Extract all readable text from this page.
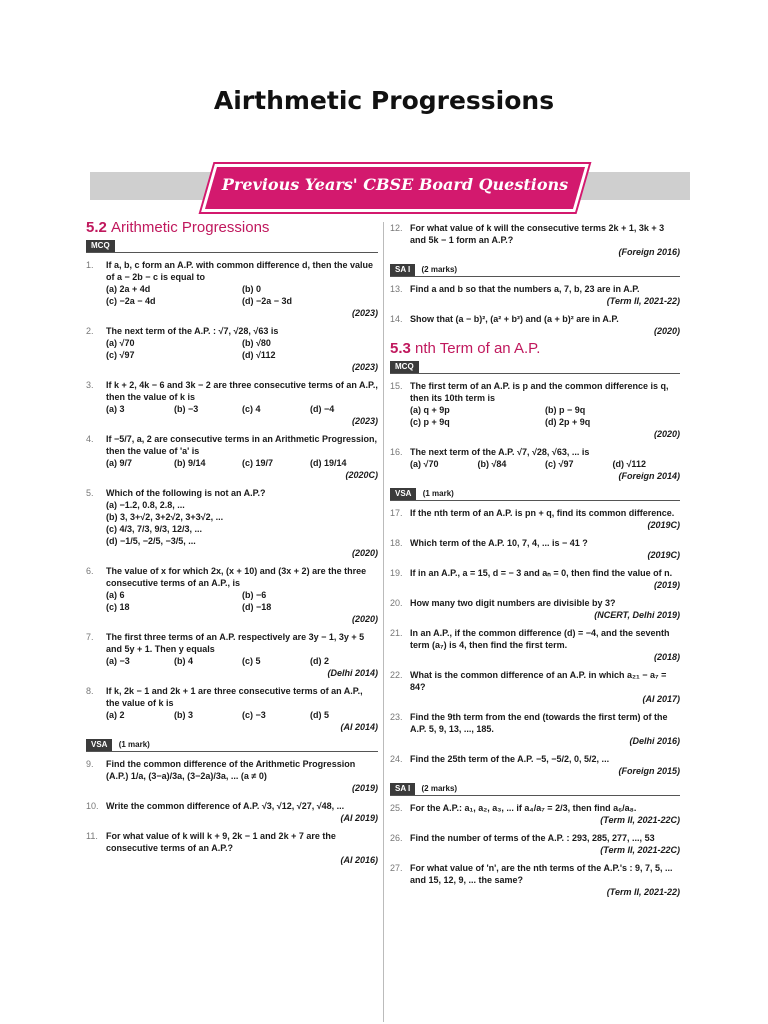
Airthmetic Progressions
Previous Years' CBSE Board Questions
5.2 Arithmetic Progressions
MCQ
1.	If a, b, c form an A.P. with common difference d, then the value of a − 2b − c is equal to
(a) 2a + 4d	(b) 0
(c) −2a − 4d	(d) −2a − 3d
(2023)
2.	The next term of the A.P. : √7, √28, √63 is
(a) √70	(b) √80
(c) √97	(d) √112
(2023)
3.	If k + 2, 4k − 6 and 3k − 2 are three consecutive terms of an A.P., then the value of k is
(a) 3	(b) −3	(c) 4	(d) −4
(2023)
4.	If −5/7, a, 2 are consecutive terms in an Arithmetic Progression, then the value of 'a' is
(a) 9/7	(b) 9/14	(c) 19/7	(d) 19/14
(2020C)
5.	Which of the following is not an A.P.?
(a) −1.2, 0.8, 2.8, ...
(b) 3, 3+√2, 3+2√2, 3+3√2, ...
(c) 4/3, 7/3, 9/3, 12/3, ...
(d) −1/5, −2/5, −3/5, ...
(2020)
6.	The value of x for which 2x, (x + 10) and (3x + 2) are the three consecutive terms of an A.P., is
(a) 6	(b) −6
(c) 18	(d) −18
(2020)
7.	The first three terms of an A.P. respectively are 3y − 1, 3y + 5 and 5y + 1. Then y equals
(a) −3	(b) 4	(c) 5	(d) 2
(Delhi 2014)
8.	If k, 2k − 1 and 2k + 1 are three consecutive terms of an A.P., the value of k is
(a) 2	(b) 3	(c) −3	(d) 5
(AI 2014)
VSA (1 mark)
9.	Find the common difference of the Arithmetic Progression (A.P.) 1/a, (3−a)/3a, (3−2a)/3a, ... (a ≠ 0)
(2019)
10. Write the common difference of A.P. √3, √12, √27, √48, ...
(AI 2019)
11. For what value of k will k + 9, 2k − 1 and 2k + 7 are the consecutive terms of an A.P.?
(AI 2016)
12. For what value of k will the consecutive terms 2k + 1, 3k + 3 and 5k − 1 form an A.P.?
(Foreign 2016)
SA I (2 marks)
13. Find a and b so that the numbers a, 7, b, 23 are in A.P.
(Term II, 2021-22)
14. Show that (a − b)², (a² + b²) and (a + b)² are in A.P.
(2020)
5.3 nth Term of an A.P.
MCQ
15. The first term of an A.P. is p and the common difference is q, then its 10th term is
(a) q + 9p	(b) p − 9q
(c) p + 9q	(d) 2p + 9q
(2020)
16. The next term of the A.P. √7, √28, √63, ... is
(a) √70	(b) √84	(c) √97	(d) √112
(Foreign 2014)
VSA (1 mark)
17. If the nth term of an A.P. is pn + q, find its common difference.
(2019C)
18. Which term of the A.P. 10, 7, 4, ... is − 41 ?
(2019C)
19. If in an A.P., a = 15, d = − 3 and aₙ = 0, then find the value of n.
(2019)
20. How many two digit numbers are divisible by 3?
(NCERT, Delhi 2019)
21. In an A.P., if the common difference (d) = −4, and the seventh term (a₇) is 4, then find the first term.
(2018)
22. What is the common difference of an A.P. in which a₂₁ − a₇ = 84?
(AI 2017)
23. Find the 9th term from the end (towards the first term) of the A.P. 5, 9, 13, ..., 185.
(Delhi 2016)
24. Find the 25th term of the A.P. −5, −5/2, 0, 5/2, ...
(Foreign 2015)
SA I (2 marks)
25. For the A.P.: a₁, a₂, a₃, ... if a₄/a₇ = 2/3, then find a₆/a₈.
(Term II, 2021-22C)
26. Find the number of terms of the A.P. : 293, 285, 277, ..., 53
(Term II, 2021-22C)
27. For what value of 'n', are the nth terms of the A.P.'s : 9, 7, 5, ... and 15, 12, 9, ... the same?
(Term II, 2021-22)
